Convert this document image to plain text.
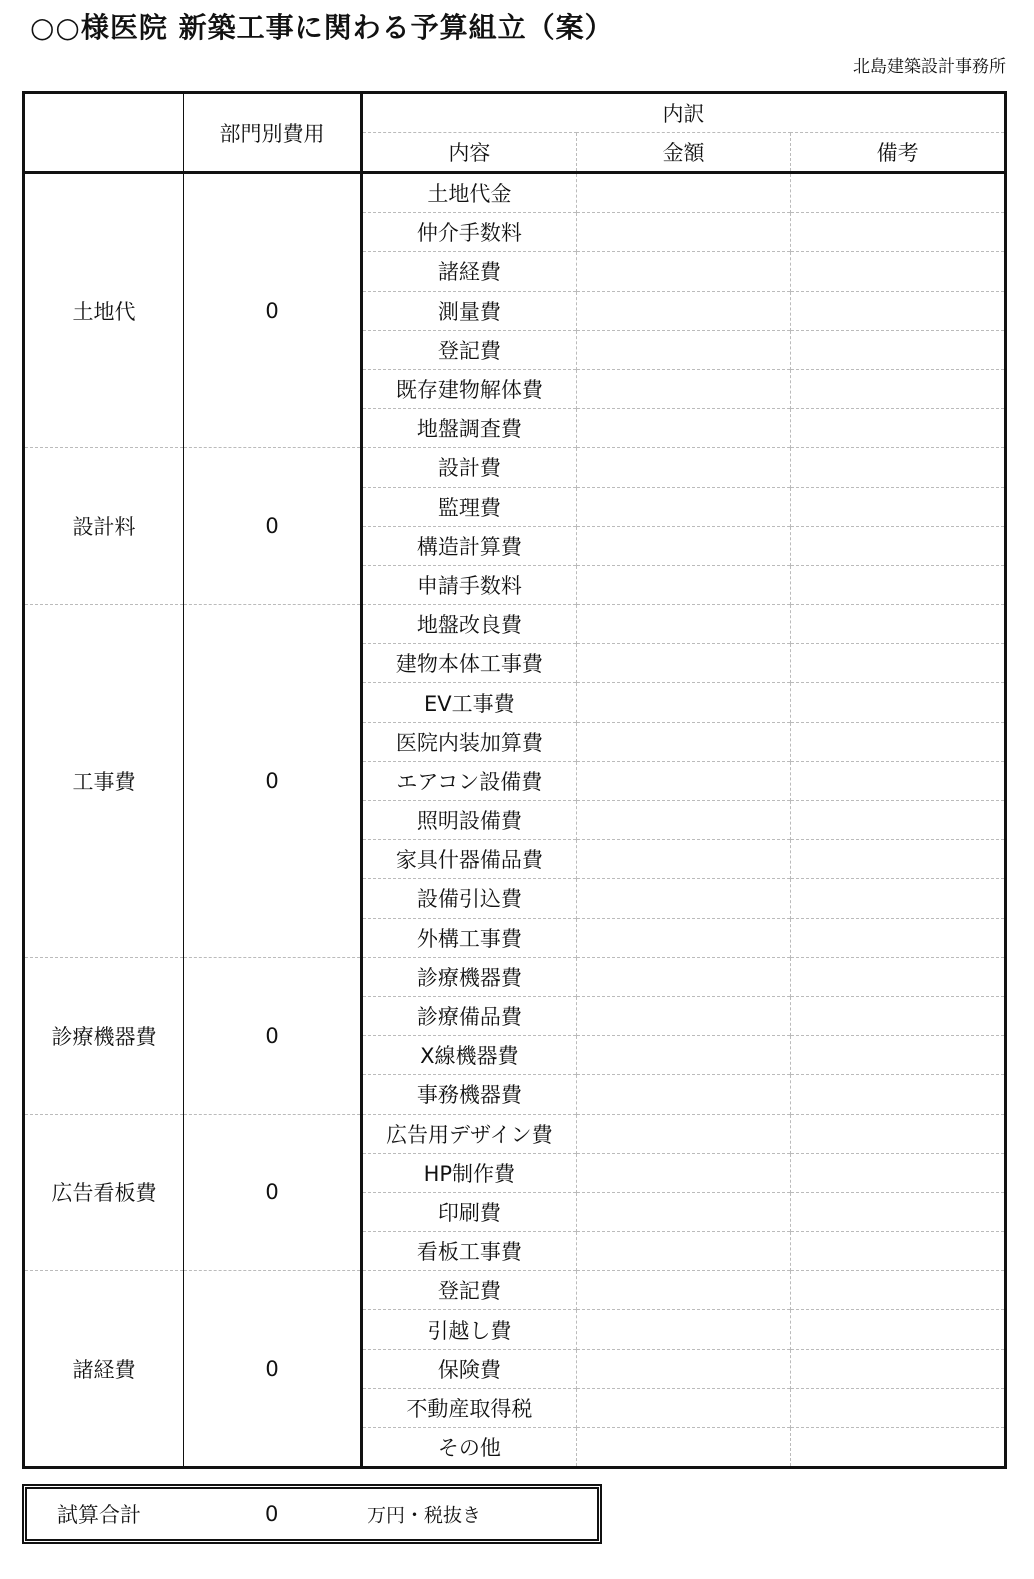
○○様医院 新築工事に関わる予算組立（案）
北島建築設計事務所
	部門別費用	内訳		
		内容	金額	備考
土地代	0	土地代金		
		仲介手数料		
		諸経費		
		測量費		
		登記費		
		既存建物解体費		
		地盤調査費		
設計料	0	設計費		
		監理費		
		構造計算費		
		申請手数料		
工事費	0	地盤改良費		
		建物本体工事費		
		EV工事費		
		医院内装加算費		
		エアコン設備費		
		照明設備費		
		家具什器備品費		
		設備引込費		
		外構工事費		
診療機器費	0	診療機器費		
		診療備品費		
		X線機器費		
		事務機器費		
広告看板費	0	広告用デザイン費		
		HP制作費		
		印刷費		
		看板工事費		
諸経費	0	登記費		
		引越し費		
		保険費		
		不動産取得税		
		その他		
試算合計	0	万円・税抜き
